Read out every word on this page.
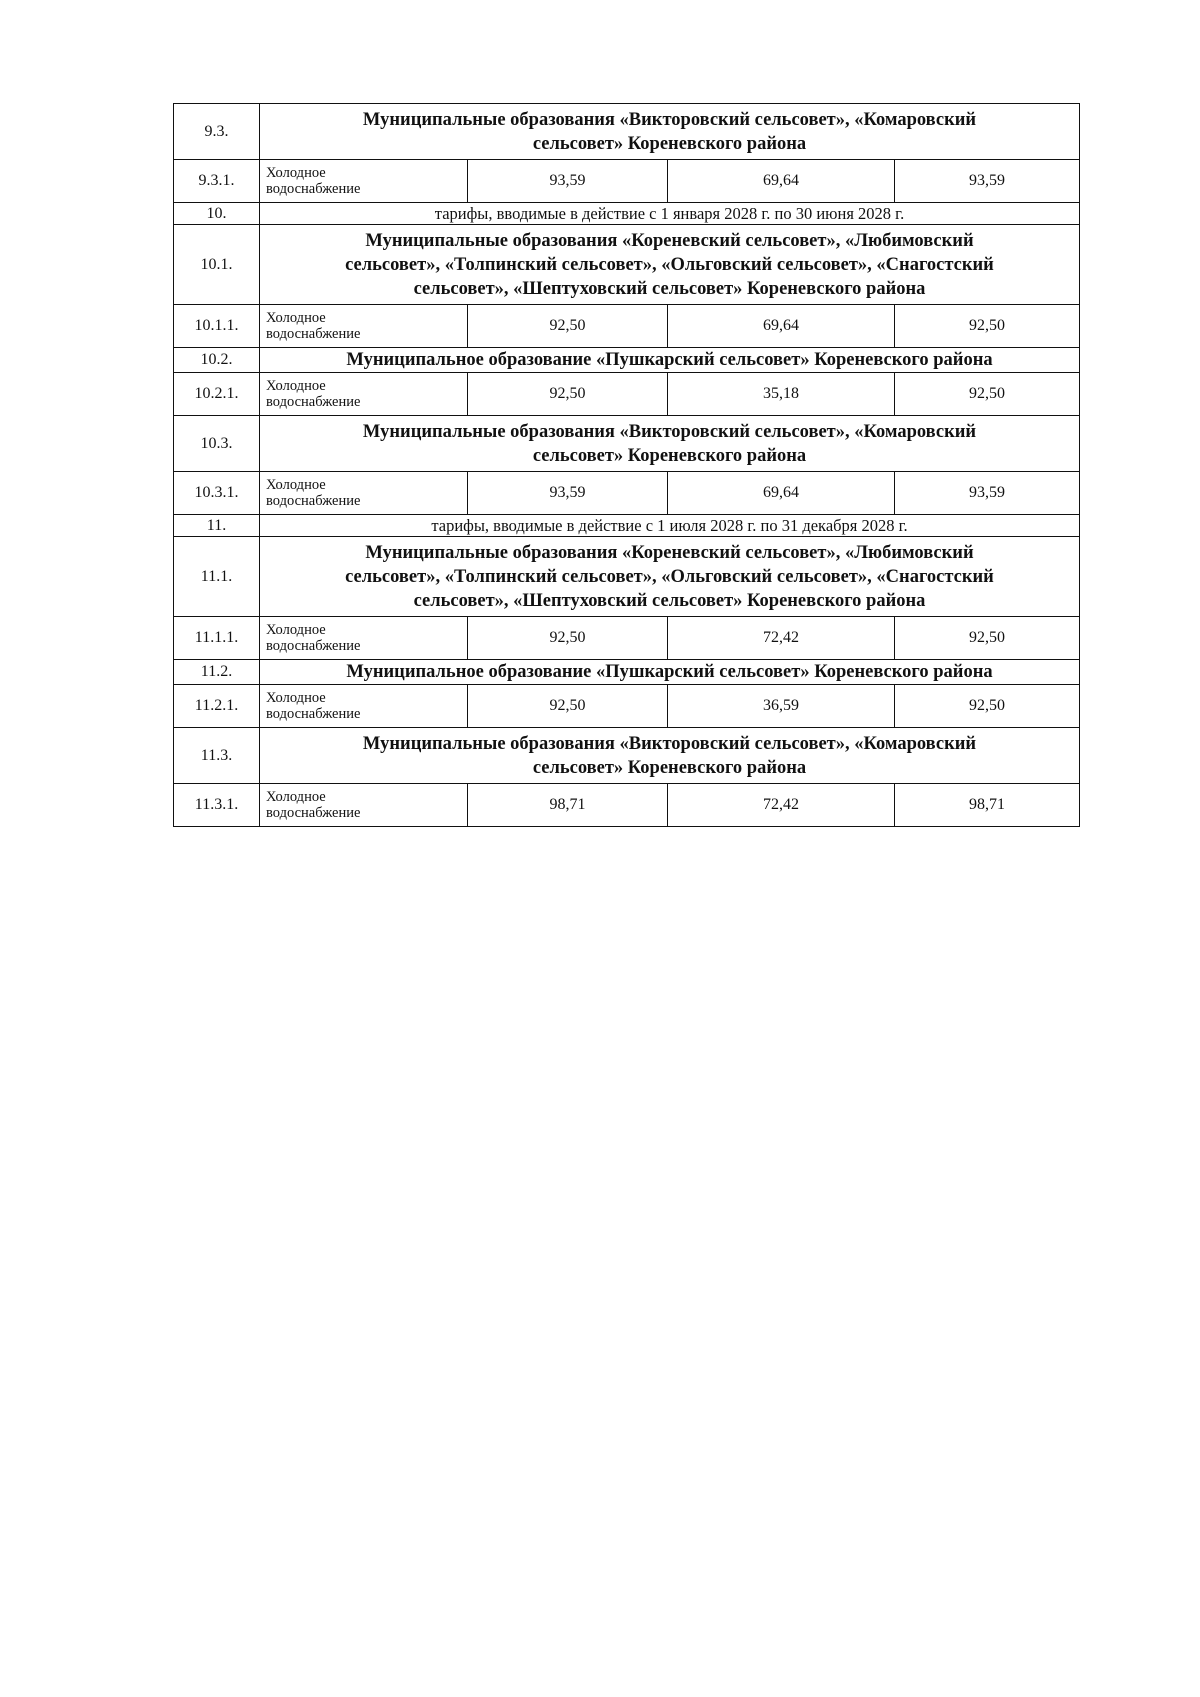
9.3.	Муниципальные образования «Викторовский сельсовет», «Комаровский
сельсовет» Кореневского района			

9.3.1.	Холодное
водоснабжение	93,59	69,64	93,59
10.	тарифы, вводимые в действие с 1 января 2028 г. по 30 июня 2028 г.			
10.1.	Муниципальные образования «Кореневский сельсовет», «Любимовский
сельсовет», «Толпинский сельсовет», «Ольговский сельсовет», «Снагостский
сельсовет», «Шептуховский сельсовет» Кореневского района			

10.1.1.	Холодное
водоснабжение	92,50	69,64	92,50
10.2.	Муниципальное образование «Пушкарский сельсовет» Кореневского района			

10.2.1.	Холодное
водоснабжение	92,50	35,18	92,50
10.3.	Муниципальные образования «Викторовский сельсовет», «Комаровский
сельсовет» Кореневского района			

10.3.1.	Холодное
водоснабжение	93,59	69,64	93,59
11.	тарифы, вводимые в действие с 1 июля 2028 г. по 31 декабря 2028 г.			
11.1.	Муниципальные образования «Кореневский сельсовет», «Любимовский
сельсовет», «Толпинский сельсовет», «Ольговский сельсовет», «Снагостский
сельсовет», «Шептуховский сельсовет» Кореневского района			

11.1.1.	Холодное
водоснабжение	92,50	72,42	92,50
11.2.	Муниципальное образование «Пушкарский сельсовет» Кореневского района			

11.2.1.	Холодное
водоснабжение	92,50	36,59	92,50
11.3.	Муниципальные образования «Викторовский сельсовет», «Комаровский
сельсовет» Кореневского района			

11.3.1.	Холодное
водоснабжение	98,71	72,42	98,71
